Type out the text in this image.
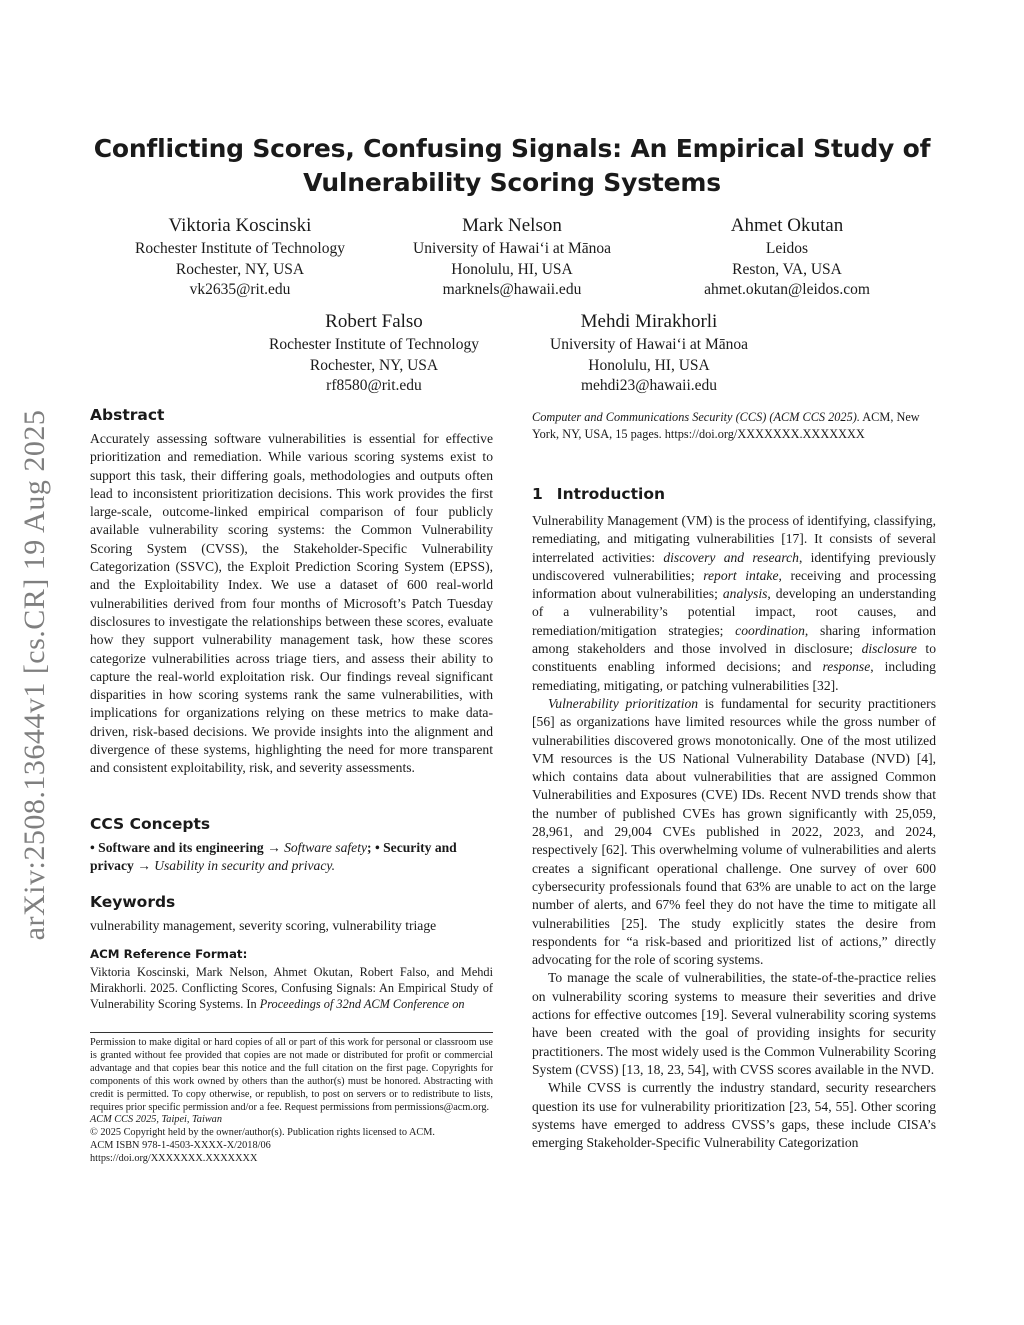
arXiv:2508.13644v1 [cs.CR] 19 Aug 2025
Conflicting Scores, Confusing Signals: An Empirical Study of Vulnerability Scoring Systems
Viktoria Koscinski
Rochester Institute of Technology
Rochester, NY, USA
vk2635@rit.edu
Mark Nelson
University of Hawaiʻi at Mānoa
Honolulu, HI, USA
marknels@hawaii.edu
Ahmet Okutan
Leidos
Reston, VA, USA
ahmet.okutan@leidos.com
Robert Falso
Rochester Institute of Technology
Rochester, NY, USA
rf8580@rit.edu
Mehdi Mirakhorli
University of Hawaiʻi at Mānoa
Honolulu, HI, USA
mehdi23@hawaii.edu
Abstract

Accurately assessing software vulnerabilities is essential for effective prioritization and remediation. While various scoring systems exist to support this task, their differing goals, methodologies and outputs often lead to inconsistent prioritization decisions. This work provides the first large-scale, outcome-linked empirical comparison of four publicly available vulnerability scoring systems: the Common Vulnerability Scoring System (CVSS), the Stakeholder-Specific Vulnerability Categorization (SSVC), the Exploit Prediction Scoring System (EPSS), and the Exploitability Index. We use a dataset of 600 real-world vulnerabilities derived from four months of Microsoft’s Patch Tuesday disclosures to investigate the relationships between these scores, evaluate how they support vulnerability management task, how these scores categorize vulnerabilities across triage tiers, and assess their ability to capture the real-world exploitation risk. Our findings reveal significant disparities in how scoring systems rank the same vulnerabilities, with implications for organizations relying on these metrics to make data-driven, risk-based decisions. We provide insights into the alignment and divergence of these systems, highlighting the need for more transparent and consistent exploitability, risk, and severity assessments.

CCS Concepts

• Software and its engineering → Software safety; • Security and privacy → Usability in security and privacy.

Keywords

vulnerability management, severity scoring, vulnerability triage

ACM Reference Format:

Viktoria Koscinski, Mark Nelson, Ahmet Okutan, Robert Falso, and Mehdi Mirakhorli. 2025. Conflicting Scores, Confusing Signals: An Empirical Study of Vulnerability Scoring Systems. In Proceedings of 32nd ACM Conference on

Permission to make digital or hard copies of all or part of this work for personal or classroom use is granted without fee provided that copies are not made or distributed for profit or commercial advantage and that copies bear this notice and the full citation on the first page. Copyrights for components of this work owned by others than the author(s) must be honored. Abstracting with credit is permitted. To copy otherwise, or republish, to post on servers or to redistribute to lists, requires prior specific permission and/or a fee. Request permissions from permissions@acm.org.

ACM CCS 2025, Taipei, Taiwan

© 2025 Copyright held by the owner/author(s). Publication rights licensed to ACM.

ACM ISBN 978-1-4503-XXXX-X/2018/06

https://doi.org/XXXXXXX.XXXXXXX

Computer and Communications Security (CCS) (ACM CCS 2025). ACM, New York, NY, USA, 15 pages. https://doi.org/XXXXXXX.XXXXXXX
1 Introduction

Vulnerability Management (VM) is the process of identifying, classifying, remediating, and mitigating vulnerabilities [17]. It consists of several interrelated activities: discovery and research, identifying previously undiscovered vulnerabilities; report intake, receiving and processing information about vulnerabilities; analysis, developing an understanding of a vulnerability’s potential impact, root causes, and remediation/mitigation strategies; coordination, sharing information among stakeholders and those involved in disclosure; disclosure to constituents enabling informed decisions; and response, including remediating, mitigating, or patching vulnerabilities [32].

Vulnerability prioritization is fundamental for security practitioners [56] as organizations have limited resources while the gross number of vulnerabilities discovered grows monotonically. One of the most utilized VM resources is the US National Vulnerability Database (NVD) [4], which contains data about vulnerabilities that are assigned Common Vulnerabilities and Exposures (CVE) IDs. Recent NVD trends show that the number of published CVEs has grown significantly with 25,059, 28,961, and 29,004 CVEs published in 2022, 2023, and 2024, respectively [62]. This overwhelming volume of vulnerabilities and alerts creates a significant operational challenge. One survey of over 600 cybersecurity professionals found that 63% are unable to act on the large number of alerts, and 67% feel they do not have the time to mitigate all vulnerabilities [25]. The study explicitly states the desire from respondents for “a risk-based and prioritized list of actions,” directly advocating for the role of scoring systems.

To manage the scale of vulnerabilities, the state-of-the-practice relies on vulnerability scoring systems to measure their severities and drive actions for effective outcomes [19]. Several vulnerability scoring systems have been created with the goal of providing insights for security practitioners. The most widely used is the Common Vulnerability Scoring System (CVSS) [13, 18, 23, 54], with CVSS scores available in the NVD.

While CVSS is currently the industry standard, security researchers question its use for vulnerability prioritization [23, 54, 55]. Other scoring systems have emerged to address CVSS’s gaps, these include CISA’s emerging Stakeholder-Specific Vulnerability Categorization
